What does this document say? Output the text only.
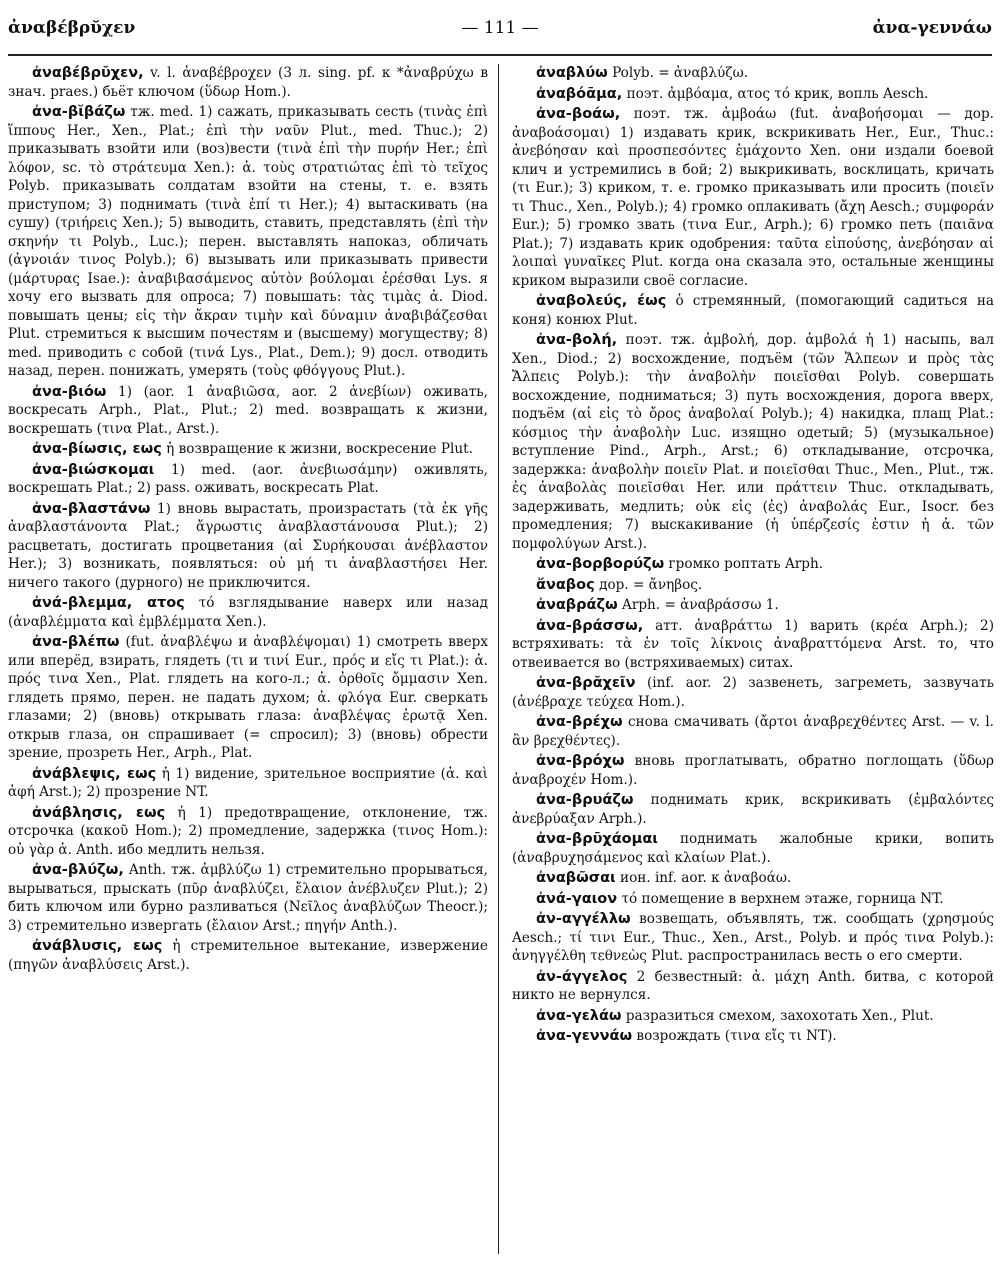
ἀναβέβρῠχεν	— 111 —	ἀνα-γεννάω

ἀναβέβρῠχεν, v. l. ἀναβέβροχεν (3 л. sing. pf. к *ἀναβρύχω в знач. praes.) бьёт ключом (ὕδωρ Hom.).

ἀνα-βῐβάζω тж. med. 1) сажать, приказывать сесть (τινὰς ἐπὶ ἵππους Her., Xen., Plat.; ἐπὶ τὴν ναῦν Plut., med. Thuc.); 2) приказывать взойти или (воз)вести (τινὰ ἐπὶ τὴν πυρήν Her.; ἐπὶ λόφον, sc. τὸ στράτευμα Xen.): ἀ. τοὺς στρατιώτας ἐπὶ τὸ τεῖχος Polyb. приказывать солдатам взойти на стены, т. е. взять приступом; 3) поднимать (τινὰ ἐπί τι Her.); 4) вытаскивать (на сушу) (τριήρεις Xen.); 5) выводить, ставить, представлять (ἐπὶ τὴν σκηνήν τι Polyb., Luc.); перен. выставлять напоказ, обличать (ἀγνοιάν τινος Polyb.); 6) вызывать или приказывать привести (μάρτυρας Isae.): ἀναβιβασάμενος αὐτὸν βούλομαι ἐρέσθαι Lys. я хочу его вызвать для опроса; 7) повышать: τὰς τιμὰς ἀ. Diod. повышать цены; εἰς τὴν ἄκραν τιμὴν καὶ δύναμιν ἀναβιβάζεσθαι Plut. стремиться к высшим почестям и (высшему) могуществу; 8) med. приводить с собой (τινά Lys., Plat., Dem.); 9) досл. отводить назад, перен. понижать, умерять (τοὺς φθόγγους Plut.).

ἀνα-βιόω 1) (aor. 1 ἀναβιῶσα, aor. 2 ἀνεβίων) оживать, воскресать Arph., Plat., Plut.; 2) med. возвращать к жизни, воскрешать (τινα Plat., Arst.).

ἀνα-βίωσις, εως ἡ возвращение к жизни, воскресение Plut.

ἀνα-βιώσκομαι 1) med. (aor. ἀνεβιωσάμην) оживлять, воскрешать Plat.; 2) pass. оживать, воскресать Plat.

ἀνα-βλαστάνω 1) вновь вырастать, произрастать (τὰ ἐκ γῆς ἀναβλαστάνοντα Plat.; ἄγρωστις ἀναβλαστάνουσα Plut.); 2) расцветать, достигать процветания (αἱ Συρήκουσαι ἀνέβλαστον Her.); 3) возникать, появляться: οὐ μή τι ἀναβλαστήσει Her. ничего такого (дурного) не приключится.

ἀνά-βλεμμα, ατος τό взглядывание наверх или назад (ἀναβλέμματα καὶ ἐμβλέμματα Xen.).

ἀνα-βλέπω (fut. ἀναβλέψω и ἀναβλέψομαι) 1) смотреть вверх или вперёд, взирать, глядеть (τι и τινί Eur., πρός и εἴς τι Plat.): ἀ. πρός τινα Xen., Plat. глядеть на кого-л.; ἀ. ὀρθοῖς ὄμμασιν Xen. глядеть прямо, перен. не падать духом; ἀ. φλόγα Eur. сверкать глазами; 2) (вновь) открывать глаза: ἀναβλέψας ἐρωτᾷ Xen. открыв глаза, он спрашивает (= спросил); 3) (вновь) обрести зрение, прозреть Her., Arph., Plat.

ἀνάβλεψις, εως ἡ 1) видение, зрительное восприятие (ἀ. καὶ ἁφή Arst.); 2) прозрение NT.

ἀνάβλησις, εως ἡ 1) предотвращение, отклонение, тж. отсрочка (κακοῦ Hom.); 2) промедление, задержка (τινος Hom.): οὐ γὰρ ἀ. Anth. ибо медлить нельзя.

ἀνα-βλύζω, Anth. тж. ἀμβλύζω 1) стремительно прорываться, вырываться, прыскать (πῦρ ἀναβλύζει, ἔλαιον ἀνέβλυζεν Plut.); 2) бить ключом или бурно разливаться (Νεῖλος ἀναβλύζων Theocr.); 3) стремительно извергать (ἔλαιον Arst.; πηγήν Anth.).

ἀνάβλυσις, εως ἡ стремительное вытекание, извержение (πηγῶν ἀναβλύσεις Arst.).

ἀναβλύω Polyb. = ἀναβλύζω.

ἀναβόᾱμα, поэт. ἀμβόαμα, ατος τό крик, вопль Aesch.

ἀνα-βοάω, поэт. тж. ἀμβοάω (fut. ἀναβοήσομαι — дор. ἀναβοάσομαι) 1) издавать крик, вскрикивать Her., Eur., Thuc.: ἀνεβόησαν καὶ προσπεσόντες ἐμάχοντο Xen. они издали боевой клич и устремились в бой; 2) выкрикивать, восклицать, кричать (τι Eur.); 3) криком, т. е. громко приказывать или просить (ποιεῖν τι Thuc., Xen., Polyb.); 4) громко оплакивать (ἄχη Aesch.; συμφοράν Eur.); 5) громко звать (τινα Eur., Arph.); 6) громко петь (παιᾶνα Plat.); 7) издавать крик одобрения: ταῦτα εἰπούσης, ἀνεβόησαν αἱ λοιπαὶ γυναῖκες Plut. когда она сказала это, остальные женщины криком выразили своё согласие.

ἀναβολεύς, έως ὁ стремянный, (помогающий садиться на коня) конюх Plut.

ἀνα-βολή, поэт. тж. ἀμβολή, дор. ἀμβολά ἡ 1) насыпь, вал Xen., Diod.; 2) восхождение, подъём (τῶν Ἄλπεων и πρὸς τὰς Ἄλπεις Polyb.): τὴν ἀναβολὴν ποιεῖσθαι Polyb. совершать восхождение, подниматься; 3) путь восхождения, дорога вверх, подъём (αἱ εἰς τὸ ὄρος ἀναβολαί Polyb.); 4) накидка, плащ Plat.: κόσμιος τὴν ἀναβολὴν Luc. изящно одетый; 5) (музыкальное) вступление Pind., Arph., Arst.; 6) откладывание, отсрочка, задержка: ἀναβολὴν ποιεῖν Plat. и ποιεῖσθαι Thuc., Men., Plut., тж. ἐς ἀναβολὰς ποιεῖσθαι Her. или πράττειν Thuc. откладывать, задерживать, медлить; οὐκ εἰς (ἐς) ἀναβολάς Eur., Isocr. без промедления; 7) выскакивание (ἡ ὑπέρζεσίς ἐστιν ἡ ἀ. τῶν πομφολύγων Arst.).

ἀνα-βορβορύζω громко роптать Arph.

ἄναβος дор. = ἄνηβος.

ἀναβράζω Arph. = ἀναβράσσω 1.

ἀνα-βράσσω, атт. ἀναβράττω 1) варить (κρέα Arph.); 2) встряхивать: τὰ ἐν τοῖς λίκνοις ἀναβραττόμενα Arst. то, что отвеивается во (встряхиваемых) ситах.

ἀνα-βρᾰχεῖν (inf. aor. 2) зазвенеть, загреметь, зазвучать (ἀνέβραχε τεύχεα Hom.).

ἀνα-βρέχω снова смачивать (ἄρτοι ἀναβρεχθέντες Arst. — v. l. ἂν βρεχθέντες).

ἀνα-βρόχω вновь проглатывать, обратно поглощать (ὕδωρ ἀναβροχέν Hom.).

ἀνα-βρυάζω поднимать крик, вскрикивать (ἐμβαλόντες ἀνεβρύαξαν Arph.).

ἀνα-βρῡχάομαι поднимать жалобные крики, вопить (ἀναβρυχησάμενος καὶ κλαίων Plat.).

ἀναβῶσαι ион. inf. aor. к ἀναβοάω.

ἀνά-γαιον τό помещение в верхнем этаже, горница NT.

ἀν-αγγέλλω возвещать, объявлять, тж. сообщать (χρησμούς Aesch.; τί τινι Eur., Thuc., Xen., Arst., Polyb. и πρός τινα Polyb.): ἀνηγγέλθη τεθνεὼς Plut. распространилась весть о его смерти.

ἀν-άγγελος 2 безвестный: ἀ. μάχη Anth. битва, с которой никто не вернулся.

ἀνα-γελάω разразиться смехом, захохотать Xen., Plut.

ἀνα-γεννάω возрождать (τινα εἴς τι NT).
